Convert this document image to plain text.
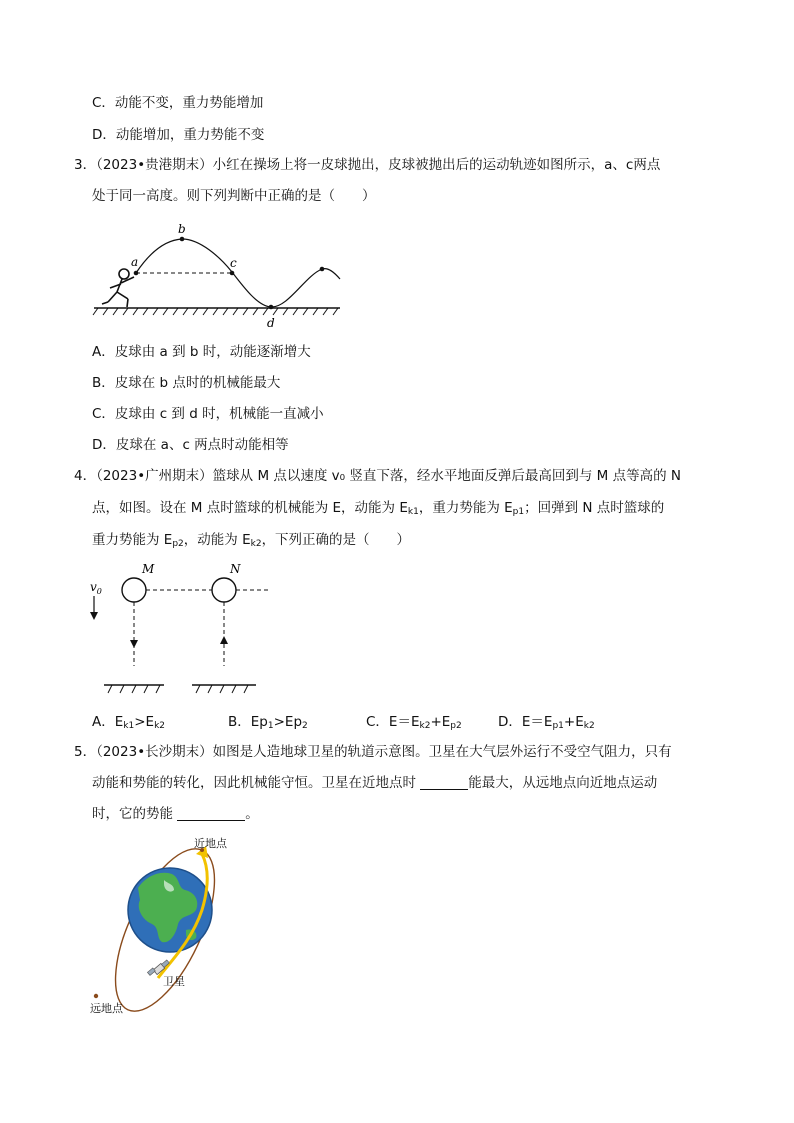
C．动能不变，重力势能增加
D．动能增加，重力势能不变
3．（2023•贵港期末）小红在操场上将一皮球抛出，皮球被抛出后的运动轨迹如图所示，a、c两点
处于同一高度。则下列判断中正确的是（　　）
a
b
c
d
A．皮球由 a 到 b 时，动能逐渐增大
B．皮球在 b 点时的机械能最大
C．皮球由 c 到 d 时，机械能一直减小
D．皮球在 a、c 两点时动能相等
4．（2023•广州期末）篮球从 M 点以速度 v₀ 竖直下落，经水平地面反弹后最高回到与 M 点等高的 N
点，如图。设在 M 点时篮球的机械能为 E，动能为 $E_{k1}$，重力势能为 $E_{p1}$；回弹到 N 点时篮球的
重力势能为 $E_{p2}$，动能为 $E_{k2}$，下列正确的是（　　）
$v_0$
M	N
A．$E_{k1}>E_{k2}$	B．$Ep_1>Ep_2$	C．$E=E_{k2}+E_{p2}$	D．$E=E_{p1}+E_{k2}$
5．（2023•长沙期末）如图是人造地球卫星的轨道示意图。卫星在大气层外运行不受空气阻力，只有
动能和势能的转化，因此机械能守恒。卫星在近地点时	能最大，从远地点向近地点运动
时，它的势能	。
近地点
卫星
远地点
